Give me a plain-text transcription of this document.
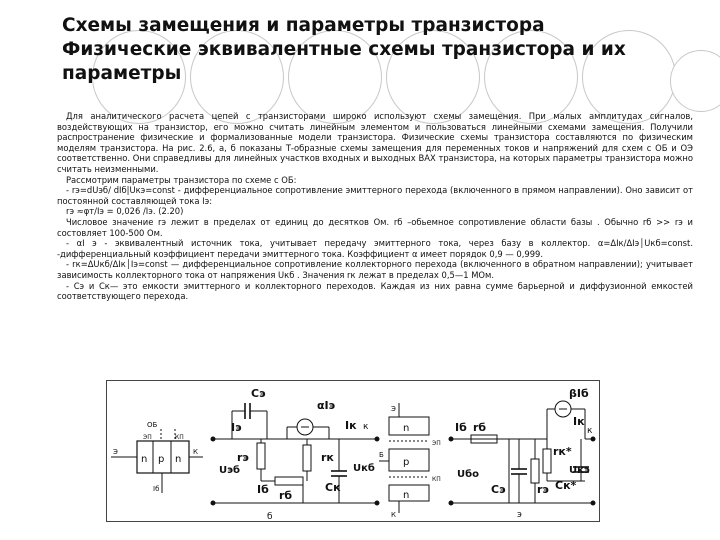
Схемы замещения и параметры транзистора
Физические эквивалентные схемы транзистора и их
параметры

Для аналитического расчета цепей с транзисторами широко используют схемы замещения. При малых амплитудах сигналов, воздействующих на транзистор, его можно считать линейным элементом и пользоваться линейными схемами замещения. Получили распространение физические и формализованные модели транзистора. Физические схемы транзистора составляются по физическим моделям транзистора. На рис. 2.6, а, б показаны Т-образные схемы замещения для переменных токов и напряжений для схем с ОБ и ОЭ соответственно. Они справедливы для линейных участков входных и выходных ВАХ транзистора, на которых параметры транзистора можно считать неизменными.

Рассмотрим параметры транзистора по схеме с ОБ:

- rэ=dUэб/ dIб|Uкэ=const - дифференциальное сопротивление эмиттерного перехода (включенного в прямом направлении). Оно зависит от постоянной составляющей тока Iэ:

rэ ≈φт/Iэ = 0,026 /Iэ. (2.20)

Числовое значение rэ лежит в пределах от единиц до десятков Ом. rб –обьемное сопротивление области базы . Обычно rб >> rэ и состовляет 100-500 Ом.

- αI э - эквивалентный источник тока, учитывает передачу эмиттерного тока, через базу в коллектор. α=ΔIк/ΔIэ│Uкб=const. -дифференциальный коэффициент передачи эмиттерного тока. Коэффициент α имеет порядок 0,9 — 0,999.

- rк=ΔUкб/ΔIк│Iэ=const — дифференциальное сопротивление коллекторного перехода (включенного в обратном направлении); учитывает зависимость коллекторного тока от напряжения Uкб . Значения rк лежат в пределах 0,5—1 МОм.

- Cэ и Cк— это емкости эмиттерного и коллекторного переходов. Каждая из них равна сумме барьерной и диффузионной емкостей соответствующего перехода.

ОБ
ЭП	КП
Э
n p n
К
Iб
Cэ
Iэ
Uэб
rэ
Iб rб
б
αIэ
rк
Cк
Iк к
Uкб
Э
n
ЭП
Б
p
КП
n
К
Iб rб
Uбо
Cэ	rэ
э
βIб
rк*
Cк*
Iк
к
Uкэ
